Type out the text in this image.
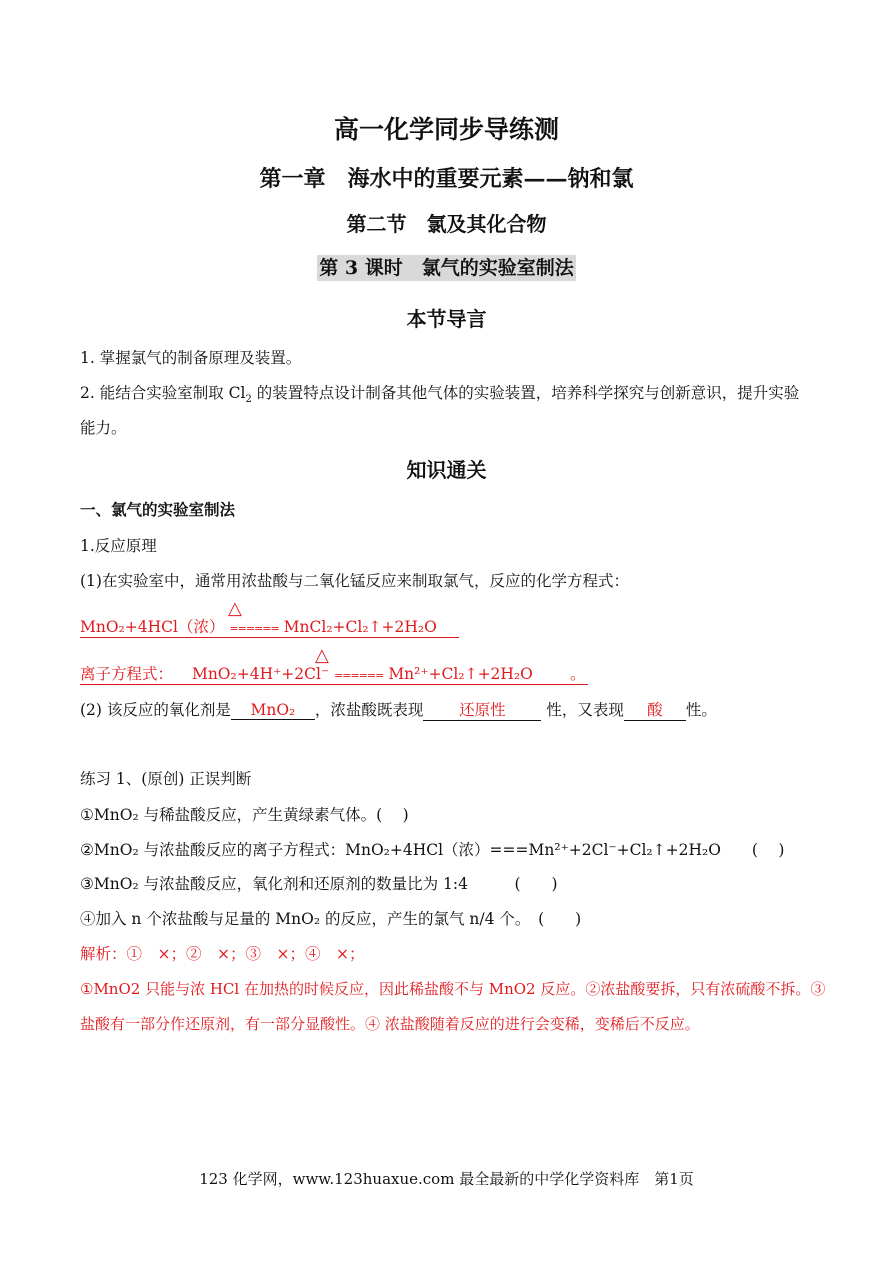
高一化学同步导练测
第一章　海水中的重要元素——钠和氯
第二节　氯及其化合物
第 3 课时　氯气的实验室制法
本节导言
1. 掌握氯气的制备原理及装置。
2. 能结合实验室制取 $Cl_2$ 的装置特点设计制备其他气体的实验装置，培养科学探究与创新意识，提升实验
能力。
知识通关
一、氯气的实验室制法
1.反应原理
(1)在实验室中，通常用浓盐酸与二氧化锰反应来制取氯气，反应的化学方程式：
△
MnO₂+4HCl（浓） ====== MnCl₂+Cl₂↑+2H₂O
△
离子方程式： MnO₂+4H⁺+2Cl⁻ ====== Mn²⁺+Cl₂↑+2H₂O 。
(2) 该反应的氧化剂是 MnO₂ ，浓盐酸既表现 还原性 性，又表现 酸 性。
练习 1、(原创) 正误判断
①MnO₂ 与稀盐酸反应，产生黄绿素气体。(　 )
②MnO₂ 与浓盐酸反应的离子方程式：MnO₂+4HCl（浓）===Mn²⁺+2Cl⁻+Cl₂↑+2H₂O　　(　 )
③MnO₂ 与浓盐酸反应，氧化剂和还原剂的数量比为 1:4　　　(　　)
④加入 n 个浓盐酸与足量的 MnO₂ 的反应，产生的氯气 n/4 个。　(　　)
解析：①　×；②　×；③　×；④　×；
①MnO2 只能与浓 HCl 在加热的时候反应，因此稀盐酸不与 MnO2 反应。②浓盐酸要拆，只有浓硫酸不拆。③
盐酸有一部分作还原剂，有一部分显酸性。④ 浓盐酸随着反应的进行会变稀，变稀后不反应。
123 化学网，www.123huaxue.com 最全最新的中学化学资料库　第1页
